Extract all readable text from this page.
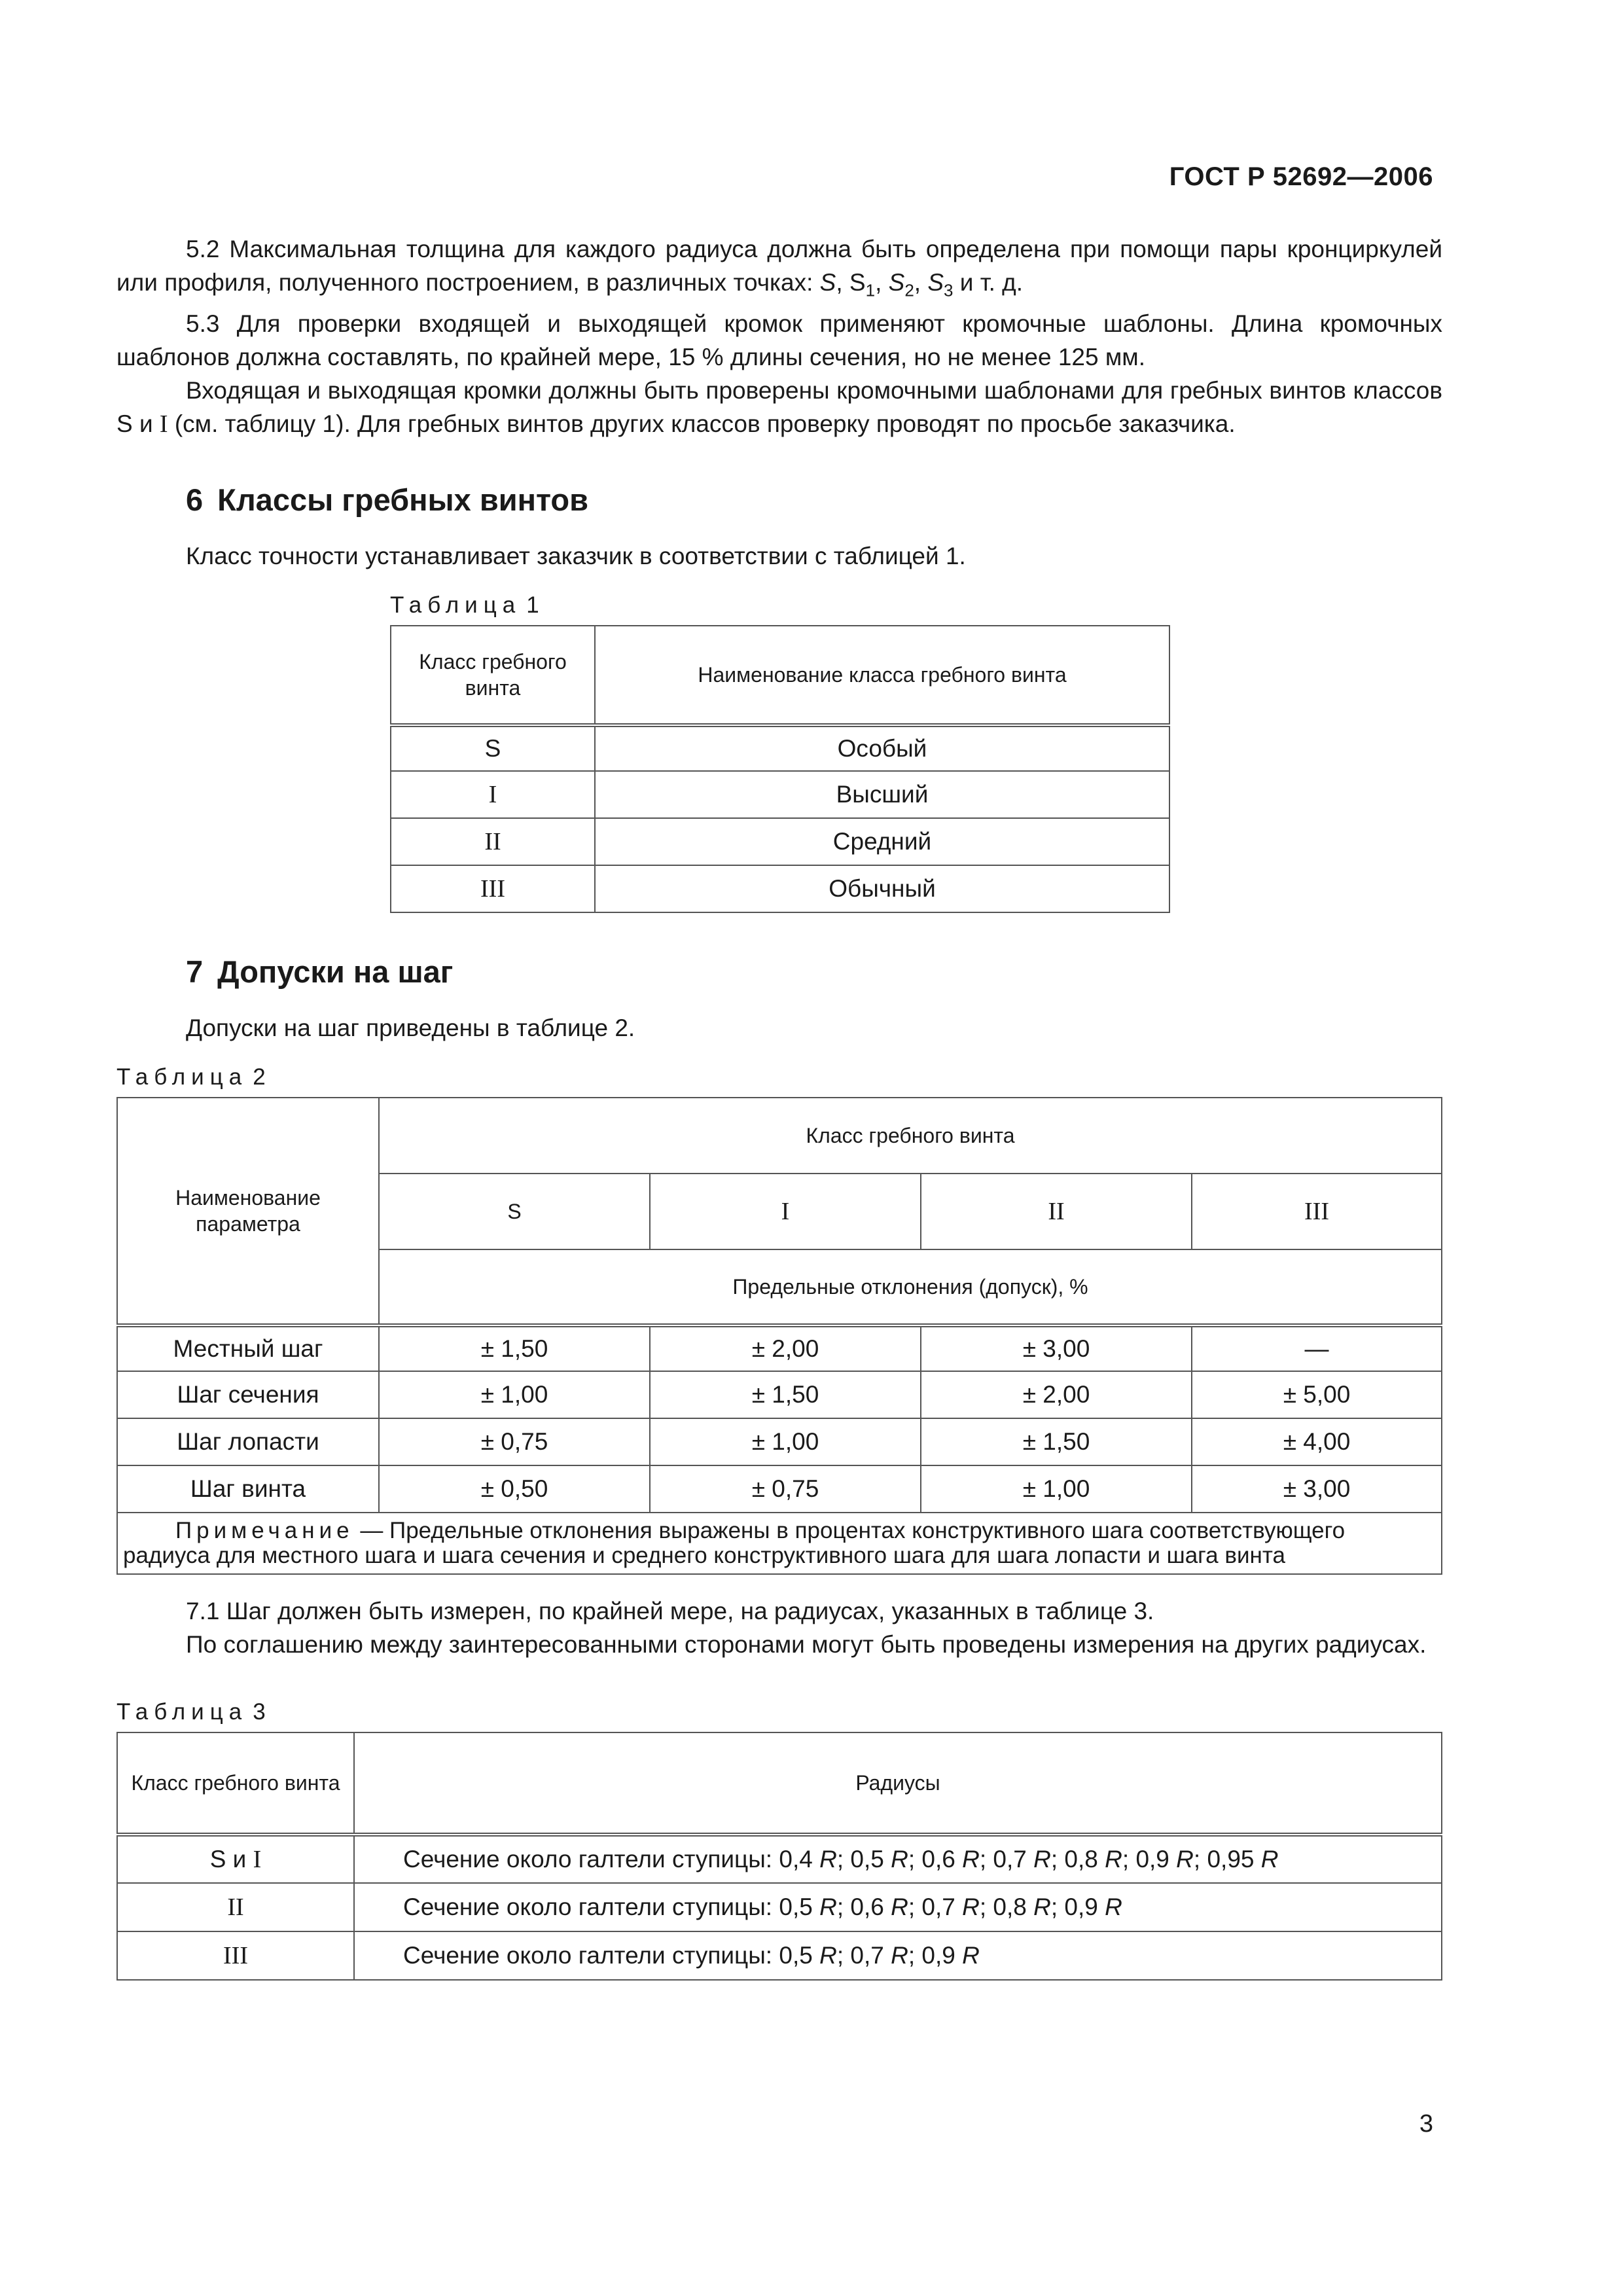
ГОСТ Р 52692—2006

5.2 Максимальная толщина для каждого радиуса должна быть определена при помощи пары кронциркулей или профиля, полученного построением, в различных точках: S, $S_1$, $S_2$, $S_3$ и т. д.

5.3 Для проверки входящей и выходящей кромок применяют кромочные шаблоны. Длина кромочных шаблонов должна составлять, по крайней мере, 15 % длины сечения, но не менее 125 мм.

Входящая и выходящая кромки должны быть проверены кромочными шаблонами для гребных винтов классов S и I (см. таблицу 1). Для гребных винтов других классов проверку проводят по просьбе заказчика.

6 Классы гребных винтов
Класс точности устанавливает заказчик в соответствии с таблицей 1.
Таблица 1
Класс гребного винта	Наименование класса гребного винта
S	Особый
I	Высший
II	Средний
III	Обычный
7 Допуски на шаг
Допуски на шаг приведены в таблице 2.
Таблица 2
Наименование параметра	Класс гребного винта			
	S	I	II	III
	Предельные отклонения (допуск), %			
Местный шаг	± 1,50	± 2,00	± 3,00	—
Шаг сечения	± 1,00	± 1,50	± 2,00	± 5,00
Шаг лопасти	± 0,75	± 1,00	± 1,50	± 4,00
Шаг винта	± 0,50	± 0,75	± 1,00	± 3,00
Примечание — Предельные отклонения выражены в процентах конструктивного шага соответствующего радиуса для местного шага и шага сечения и среднего конструктивного шага для шага лопасти и шага винта				

7.1 Шаг должен быть измерен, по крайней мере, на радиусах, указанных в таблице 3.

По соглашению между заинтересованными сторонами могут быть проведены измерения на других радиусах.

Таблица 3
Класс гребного винта	Радиусы
S и I	Сечение около галтели ступицы: 0,4 R; 0,5 R; 0,6 R; 0,7 R; 0,8 R; 0,9 R; 0,95 R
II	Сечение около галтели ступицы: 0,5 R; 0,6 R; 0,7 R; 0,8 R; 0,9 R
III	Сечение около галтели ступицы: 0,5 R; 0,7 R; 0,9 R
3
